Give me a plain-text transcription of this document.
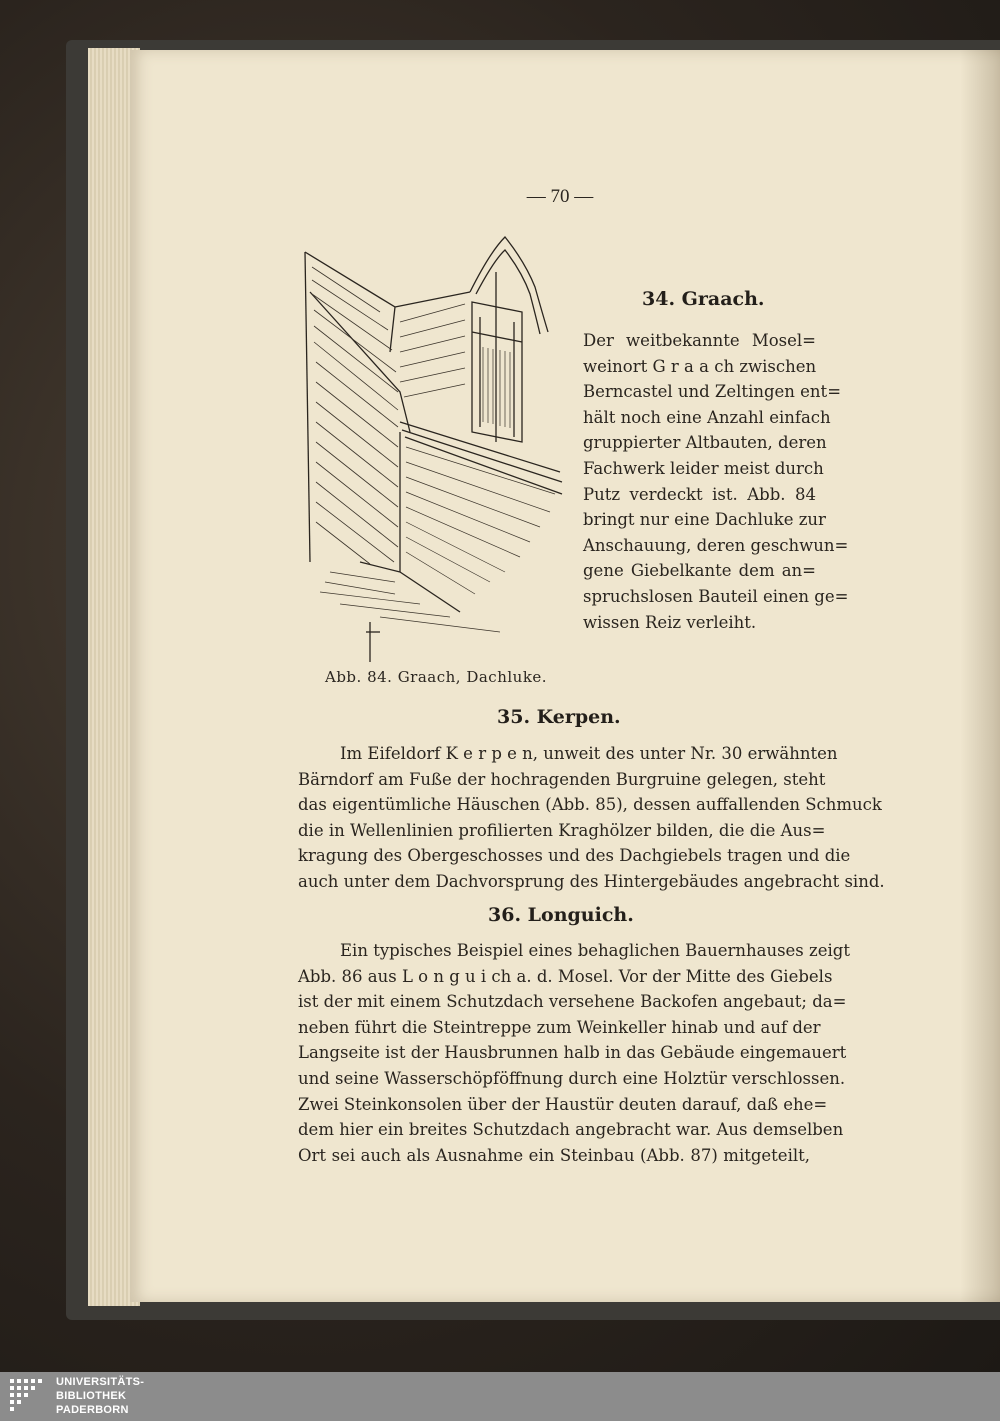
— 70 —
Abb. 84. Graach, Dachluke.
34. Graach.
Der weitbekannte Mosel=
weinort G r a a ch zwischen
Berncastel und Zeltingen ent=
hält noch eine Anzahl einfach
gruppierter Altbauten, deren
Fachwerk leider meist durch
Putz verdeckt ist. Abb. 84
bringt nur eine Dachluke zur
Anschauung, deren geschwun=
gene Giebelkante dem an=
spruchslosen Bauteil einen ge=
wissen Reiz verleiht.
35. Kerpen.
Im Eifeldorf K e r p e n, unweit des unter Nr. 30 erwähnten
Bärndorf am Fuße der hochragenden Burgruine gelegen, steht
das eigentümliche Häuschen (Abb. 85), dessen auffallenden Schmuck
die in Wellenlinien profilierten Kraghölzer bilden, die die Aus=
kragung des Obergeschosses und des Dachgiebels tragen und die
auch unter dem Dachvorsprung des Hintergebäudes angebracht sind.
36. Longuich.
Ein typisches Beispiel eines behaglichen Bauernhauses zeigt
Abb. 86 aus L o n g u i ch a. d. Mosel. Vor der Mitte des Giebels
ist der mit einem Schutzdach versehene Backofen angebaut; da=
neben führt die Steintreppe zum Weinkeller hinab und auf der
Langseite ist der Hausbrunnen halb in das Gebäude eingemauert
und seine Wasserschöpföffnung durch eine Holztür verschlossen.
Zwei Steinkonsolen über der Haustür deuten darauf, daß ehe=
dem hier ein breites Schutzdach angebracht war. Aus demselben
Ort sei auch als Ausnahme ein Steinbau (Abb. 87) mitgeteilt,
UNIVERSITÄTS-
BIBLIOTHEK
PADERBORN
